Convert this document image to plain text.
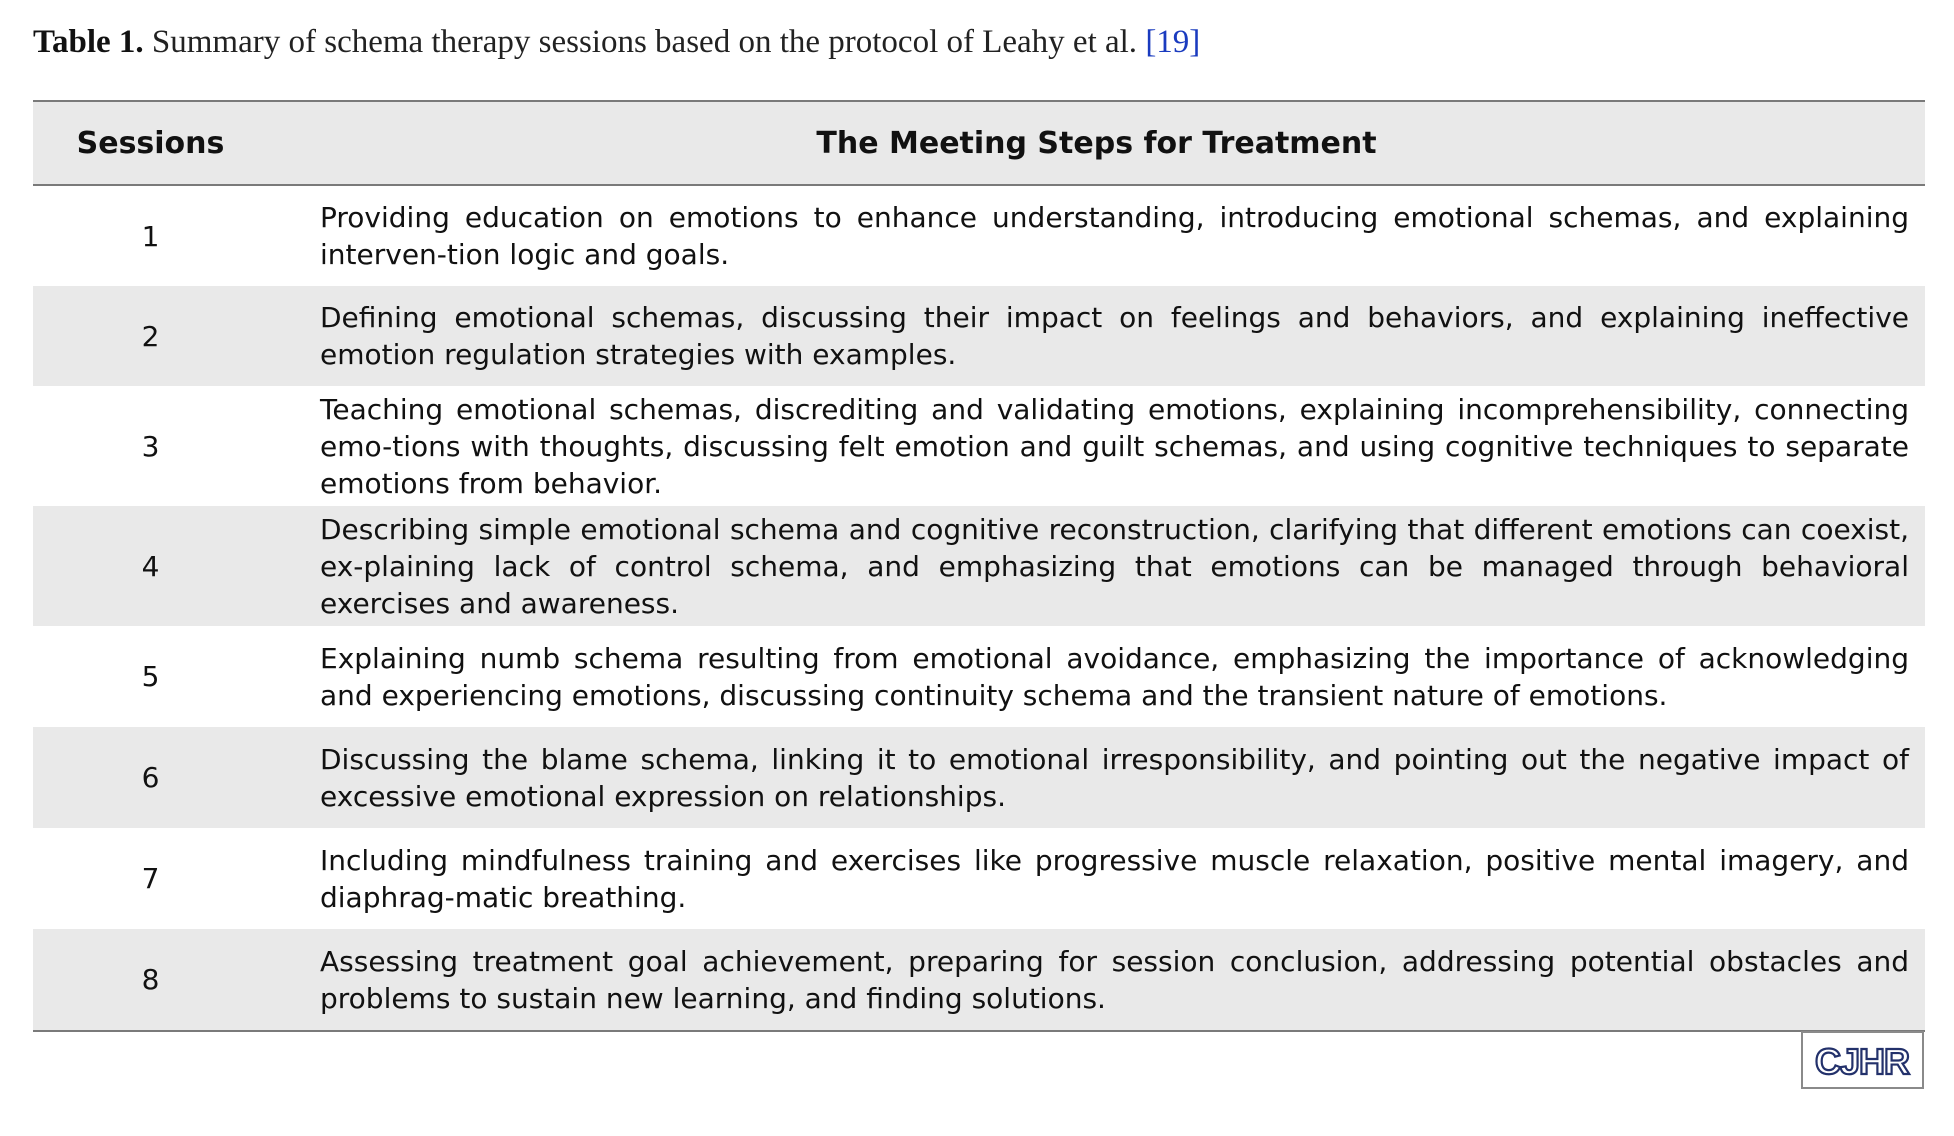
Table 1. Summary of schema therapy sessions based on the protocol of Leahy et al. [19]
Sessions	The Meeting Steps for Treatment
1
Providing education on emotions to enhance understanding, introducing emotional schemas, and explaining interven-tion logic and goals.
2
Defining emotional schemas, discussing their impact on feelings and behaviors, and explaining ineffective emotion regulation strategies with examples.
3
Teaching emotional schemas, discrediting and validating emotions, explaining incomprehensibility, connecting emo-tions with thoughts, discussing felt emotion and guilt schemas, and using cognitive techniques to separate emotions from behavior.
4
Describing simple emotional schema and cognitive reconstruction, clarifying that different emotions can coexist, ex-plaining lack of control schema, and emphasizing that emotions can be managed through behavioral exercises and awareness.
5
Explaining numb schema resulting from emotional avoidance, emphasizing the importance of acknowledging and experiencing emotions, discussing continuity schema and the transient nature of emotions.
6
Discussing the blame schema, linking it to emotional irresponsibility, and pointing out the negative impact of excessive emotional expression on relationships.
7
Including mindfulness training and exercises like progressive muscle relaxation, positive mental imagery, and diaphrag-matic breathing.
8
Assessing treatment goal achievement, preparing for session conclusion, addressing potential obstacles and problems to sustain new learning, and finding solutions.
CJHR
